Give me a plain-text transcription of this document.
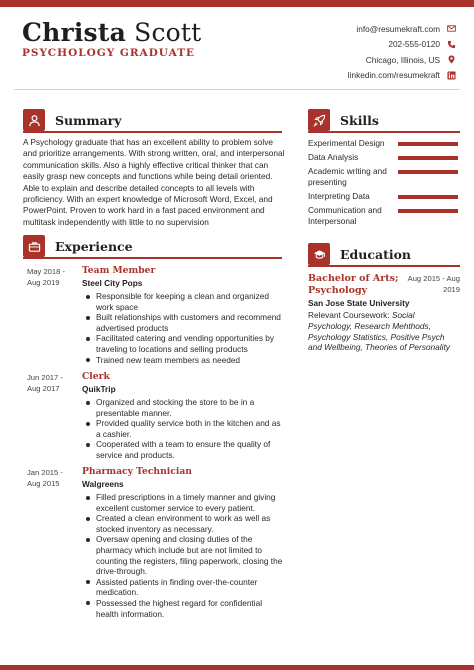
Christa Scott
PSYCHOLOGY GRADUATE
info@resumekraft.com
202-555-0120
Chicago, Illinois, US
linkedin.com/resumekraft
Summary
A Psychology graduate that has an excellent ability to problem solve and prioritize arrangements. With strong written, oral, and interpersonal communication skills. Also a highly effective critical thinker that can easily grasp new concepts and functions while being detail oriented. Able to explain and describe detailed concepts to all levels with proficiency. With an expert knowledge of Microsoft Word, Excel, and PowerPoint. Proven to work hard in a fast paced environment and multitask independently with little to no supervision
Skills
Experimental Design
Data Analysis
Academic writing and presenting
Interpreting Data
Communication and Interpersonal
Education
Bachelor of Arts; Psychology
Aug 2015 - Aug 2019
San Jose State University
Relevant Coursework: Social Psychology, Research Mehthods, Psychology Statistics, Positive Psych and Wellbeing, Theories of Personality
Experience
May 2018 - Aug 2019
Team Member
Steel City Pops
Responsible for keeping a clean and organized work space
Built relationships with customers and recommend advertised products
Facilitated catering and vending opportunities by traveling to locations and selling products
Trained new team members as needed
Jun 2017 - Aug 2017
Clerk
QuikTrip
Organized and stocking the store to be in a presentable manner.
Provided quality service both in the kitchen and as a cashier.
Cooperated with a team to ensure the quality of service and products.
Jan 2015 - Aug 2015
Pharmacy Technician
Walgreens
Filled prescriptions in a timely manner and giving excellent customer service to every patient.
Created a clean environment to work as well as stocked inventory as necessary.
Oversaw opening and closing duties of the pharmacy which include but are not limited to counting the registers, filing paperwork, closing the drive-through.
Assisted patients in finding over-the-counter medication.
Possessed the highest regard for confidential health information.
